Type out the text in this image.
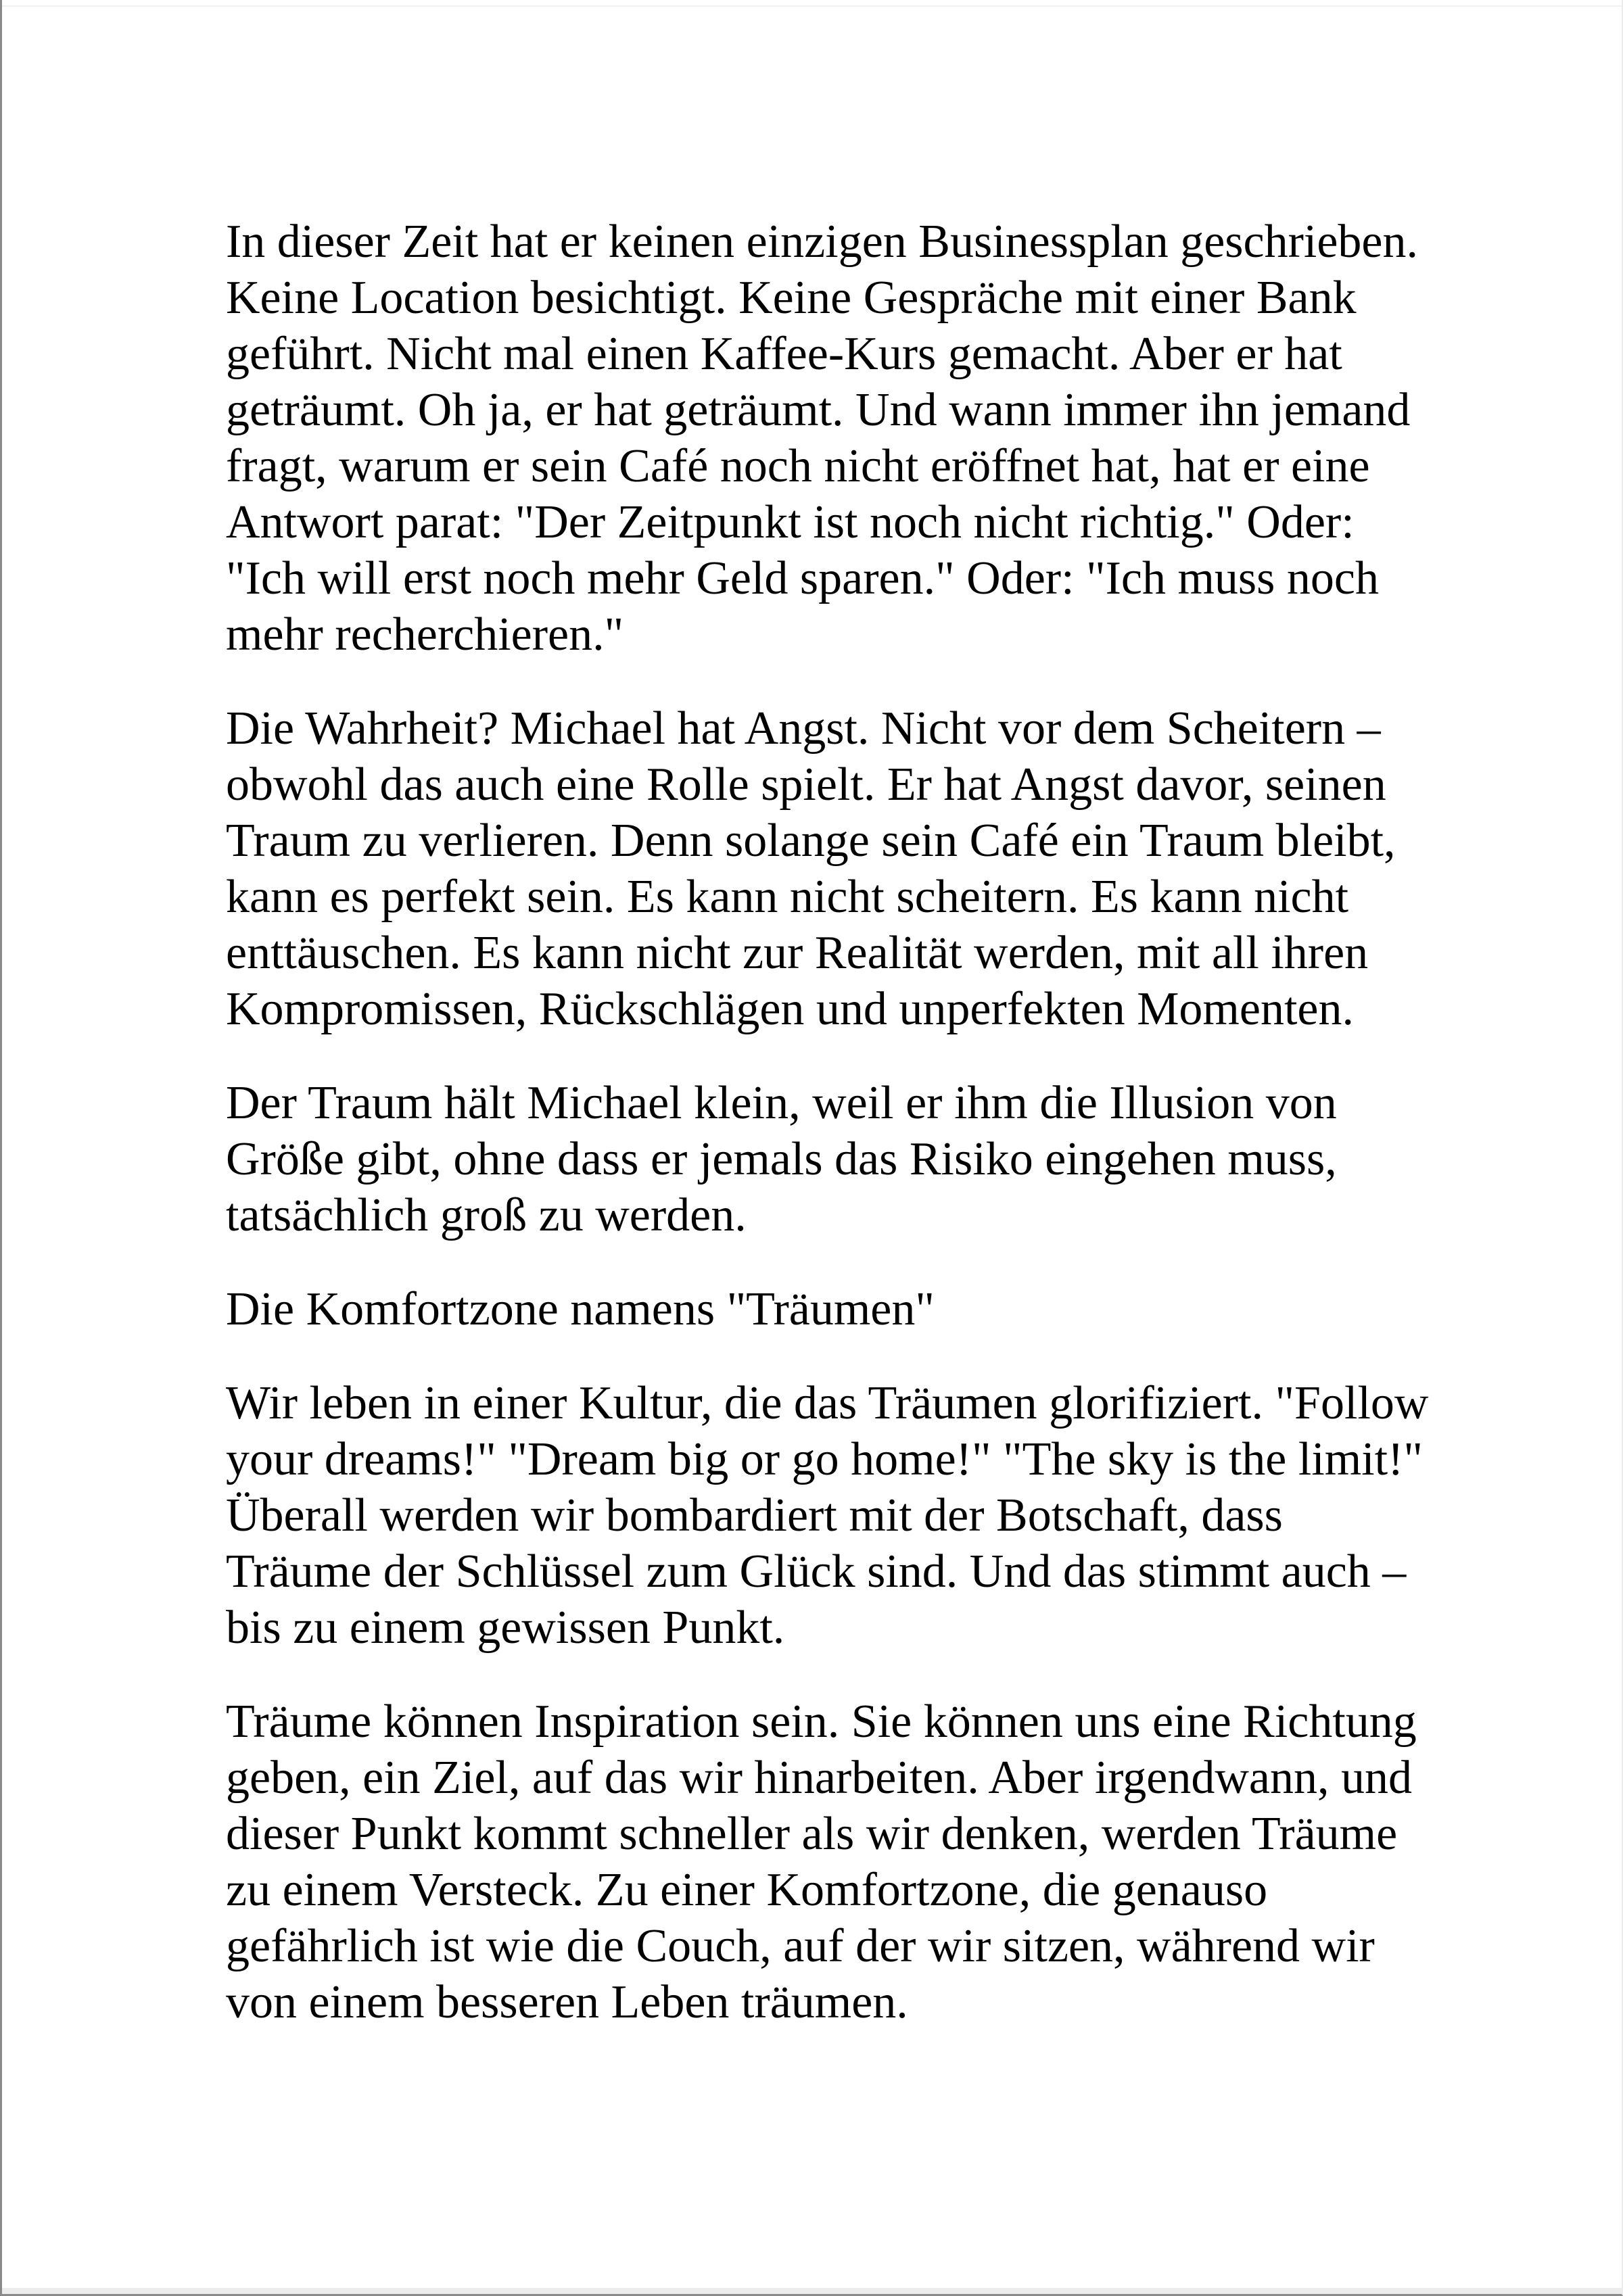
In dieser Zeit hat er keinen einzigen Businessplan geschrieben.
Keine Location besichtigt. Keine Gespräche mit einer Bank
geführt. Nicht mal einen Kaffee-Kurs gemacht. Aber er hat
geträumt. Oh ja, er hat geträumt. Und wann immer ihn jemand
fragt, warum er sein Café noch nicht eröffnet hat, hat er eine
Antwort parat: "Der Zeitpunkt ist noch nicht richtig." Oder:
"Ich will erst noch mehr Geld sparen." Oder: "Ich muss noch
mehr recherchieren."
Die Wahrheit? Michael hat Angst. Nicht vor dem Scheitern –
obwohl das auch eine Rolle spielt. Er hat Angst davor, seinen
Traum zu verlieren. Denn solange sein Café ein Traum bleibt,
kann es perfekt sein. Es kann nicht scheitern. Es kann nicht
enttäuschen. Es kann nicht zur Realität werden, mit all ihren
Kompromissen, Rückschlägen und unperfekten Momenten.
Der Traum hält Michael klein, weil er ihm die Illusion von
Größe gibt, ohne dass er jemals das Risiko eingehen muss,
tatsächlich groß zu werden.
Die Komfortzone namens "Träumen"
Wir leben in einer Kultur, die das Träumen glorifiziert. "Follow
your dreams!" "Dream big or go home!" "The sky is the limit!"
Überall werden wir bombardiert mit der Botschaft, dass
Träume der Schlüssel zum Glück sind. Und das stimmt auch –
bis zu einem gewissen Punkt.
Träume können Inspiration sein. Sie können uns eine Richtung
geben, ein Ziel, auf das wir hinarbeiten. Aber irgendwann, und
dieser Punkt kommt schneller als wir denken, werden Träume
zu einem Versteck. Zu einer Komfortzone, die genauso
gefährlich ist wie die Couch, auf der wir sitzen, während wir
von einem besseren Leben träumen.
